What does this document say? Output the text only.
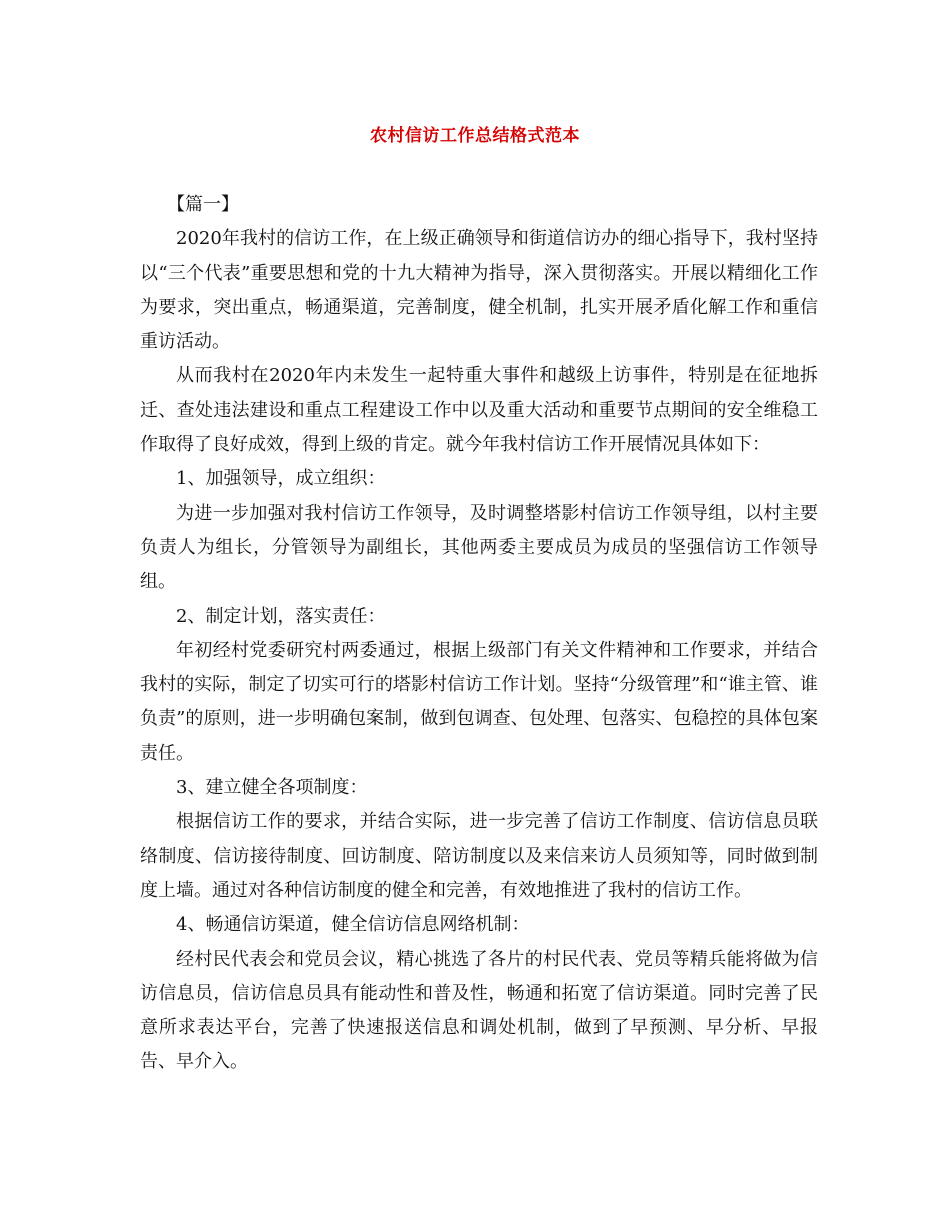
农村信访工作总结格式范本

【篇一】

2020年我村的信访工作，在上级正确领导和街道信访办的细心指导下，我村坚持以“三个代表”重要思想和党的十九大精神为指导，深入贯彻落实。开展以精细化工作为要求，突出重点，畅通渠道，完善制度，健全机制，扎实开展矛盾化解工作和重信重访活动。

从而我村在2020年内未发生一起特重大事件和越级上访事件，特别是在征地拆迁、查处违法建设和重点工程建设工作中以及重大活动和重要节点期间的安全维稳工作取得了良好成效，得到上级的肯定。就今年我村信访工作开展情况具体如下：

1、加强领导，成立组织：

为进一步加强对我村信访工作领导，及时调整塔影村信访工作领导组，以村主要负责人为组长，分管领导为副组长，其他两委主要成员为成员的坚强信访工作领导组。

2、制定计划，落实责任：

年初经村党委研究村两委通过，根据上级部门有关文件精神和工作要求，并结合我村的实际，制定了切实可行的塔影村信访工作计划。坚持“分级管理”和“谁主管、谁负责”的原则，进一步明确包案制，做到包调查、包处理、包落实、包稳控的具体包案责任。

3、建立健全各项制度：

根据信访工作的要求，并结合实际，进一步完善了信访工作制度、信访信息员联络制度、信访接待制度、回访制度、陪访制度以及来信来访人员须知等，同时做到制度上墙。通过对各种信访制度的健全和完善，有效地推进了我村的信访工作。

4、畅通信访渠道，健全信访信息网络机制：

经村民代表会和党员会议，精心挑选了各片的村民代表、党员等精兵能将做为信访信息员，信访信息员具有能动性和普及性，畅通和拓宽了信访渠道。同时完善了民意所求表达平台，完善了快速报送信息和调处机制，做到了早预测、早分析、早报告、早介入。
